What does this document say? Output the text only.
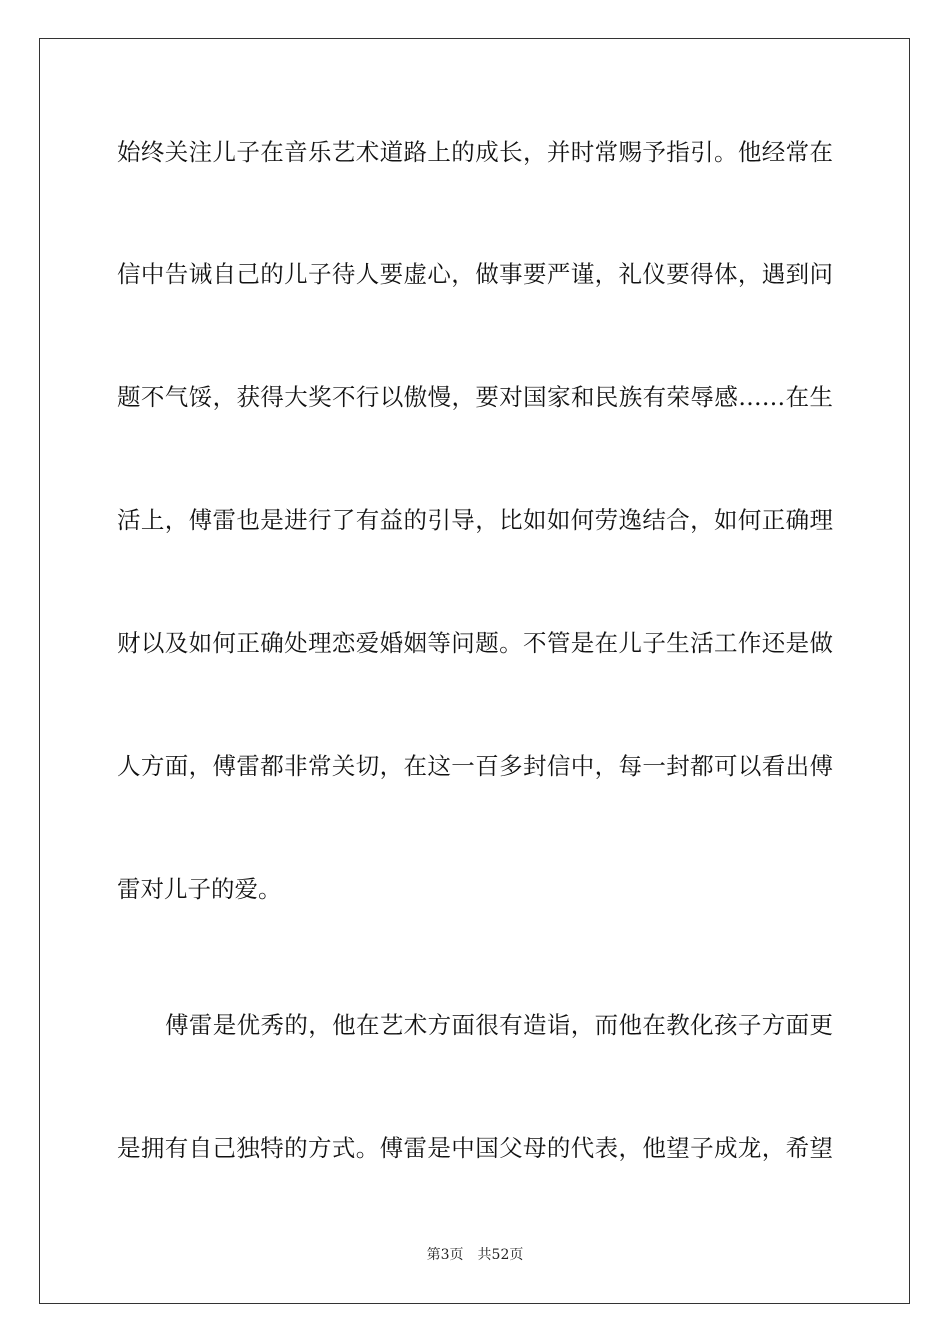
始终关注儿子在音乐艺术道路上的成长，并时常赐予指引。他经常在
信中告诫自己的儿子待人要虚心，做事要严谨，礼仪要得体，遇到问
题不气馁，获得大奖不行以傲慢，要对国家和民族有荣辱感……在生
活上，傅雷也是进行了有益的引导，比如如何劳逸结合，如何正确理
财以及如何正确处理恋爱婚姻等问题。不管是在儿子生活工作还是做
人方面，傅雷都非常关切，在这一百多封信中，每一封都可以看出傅
雷对儿子的爱。
傅雷是优秀的，他在艺术方面很有造诣，而他在教化孩子方面更
是拥有自己独特的方式。傅雷是中国父母的代表，他望子成龙，希望
第3页 共52页
